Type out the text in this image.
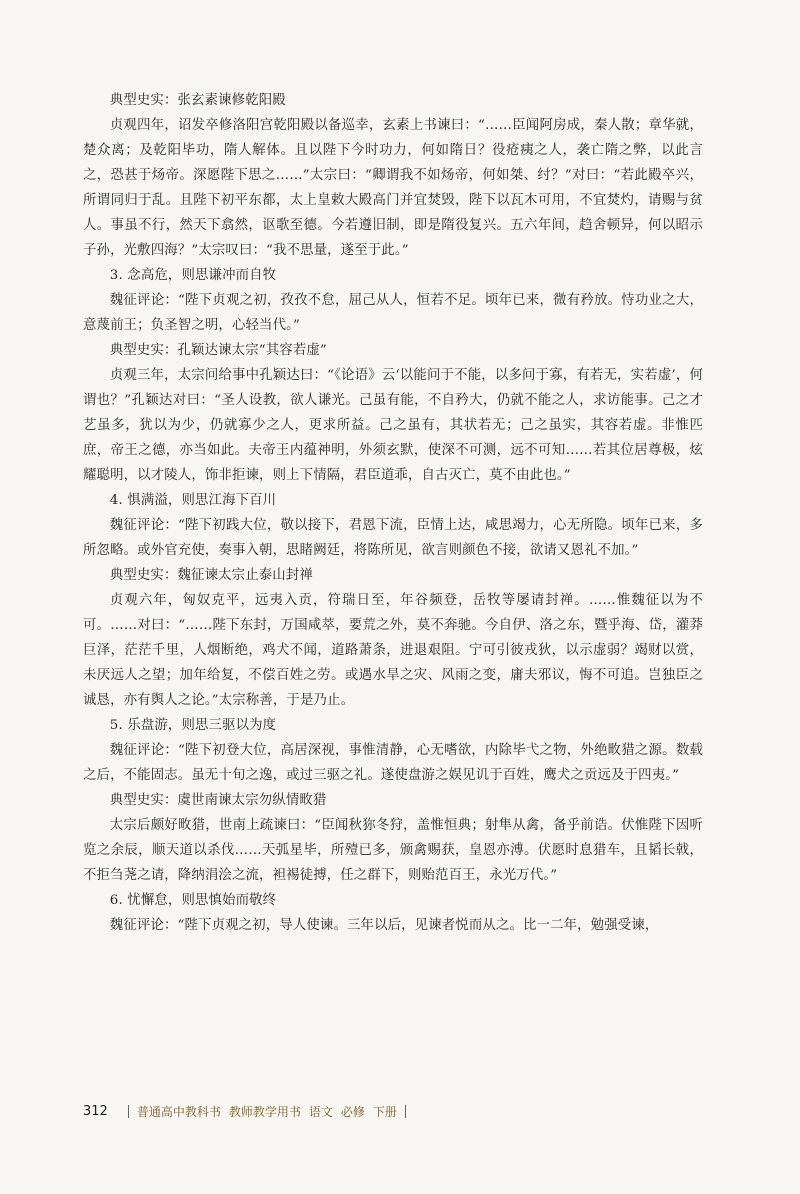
典型史实：张玄素谏修乾阳殿

贞观四年，诏发卒修洛阳宫乾阳殿以备巡幸，玄素上书谏曰：“……臣闻阿房成，秦人散；章华就，楚众离；及乾阳毕功，隋人解体。且以陛下今时功力，何如隋日？役疮痍之人，袭亡隋之弊，以此言之，恐甚于炀帝。深愿陛下思之……”太宗曰：“卿谓我不如炀帝，何如桀、纣？”对曰：“若此殿卒兴，所谓同归于乱。且陛下初平东都，太上皇敕大殿高门并宜焚毁，陛下以瓦木可用，不宜焚灼，请赐与贫人。事虽不行，然天下翕然，讴歌至德。今若遵旧制，即是隋役复兴。五六年间，趋舍顿异，何以昭示子孙，光敷四海？”太宗叹曰：“我不思量，遂至于此。”

3. 念高危，则思谦冲而自牧

魏征评论：“陛下贞观之初，孜孜不怠，屈己从人，恒若不足。顷年已来，微有矜放。恃功业之大，意蔑前王；负圣智之明，心轻当代。”

典型史实：孔颖达谏太宗“其容若虚”

贞观三年，太宗问给事中孔颖达曰：“《论语》云‘以能问于不能，以多问于寡，有若无，实若虚’，何谓也？”孔颖达对曰：“圣人设教，欲人谦光。己虽有能，不自矜大，仍就不能之人，求访能事。己之才艺虽多，犹以为少，仍就寡少之人，更求所益。己之虽有，其状若无；己之虽实，其容若虚。非惟匹庶，帝王之德，亦当如此。夫帝王内蕴神明，外须玄默，使深不可测，远不可知……若其位居尊极，炫耀聪明，以才陵人，饰非拒谏，则上下情隔，君臣道乖，自古灭亡，莫不由此也。”

4. 惧满溢，则思江海下百川

魏征评论：“陛下初践大位，敬以接下，君恩下流，臣情上达，咸思竭力，心无所隐。顷年已来，多所忽略。或外官充使，奏事入朝，思睹阙廷，将陈所见，欲言则颜色不接，欲请又恩礼不加。”

典型史实：魏征谏太宗止泰山封禅

贞观六年，匈奴克平，远夷入贡，符瑞日至，年谷频登，岳牧等屡请封禅。……惟魏征以为不可。……对曰：“……陛下东封，万国咸萃，要荒之外，莫不奔驰。今自伊、洛之东，暨乎海、岱，灌莽巨泽，茫茫千里，人烟断绝，鸡犬不闻，道路萧条，进退艰阻。宁可引彼戎狄，以示虚弱？竭财以赏，未厌远人之望；加年给复，不偿百姓之劳。或遇水旱之灾、风雨之变，庸夫邪议，悔不可追。岂独臣之诚恳，亦有舆人之论。”太宗称善，于是乃止。

5. 乐盘游，则思三驱以为度

魏征评论：“陛下初登大位，高居深视，事惟清静，心无嗜欲，内除毕弋之物，外绝畋猎之源。数载之后，不能固志。虽无十旬之逸，或过三驱之礼。遂使盘游之娱见讥于百姓，鹰犬之贡远及于四夷。”

典型史实：虞世南谏太宗勿纵情畋猎

太宗后颇好畋猎，世南上疏谏曰：“臣闻秋狝冬狩，盖惟恒典；射隼从禽，备乎前诰。伏惟陛下因听览之余辰，顺天道以杀伐……天弧星毕，所殪已多，颁禽赐获，皇恩亦溥。伏愿时息猎车，且韬长戟，不拒刍荛之请，降纳涓浍之流，袒裼徒搏，任之群下，则贻范百王，永光万代。”

6. 忧懈怠，则思慎始而敬终

魏征评论：“陛下贞观之初，导人使谏。三年以后，见谏者悦而从之。比一二年，勉强受谏，

312 普通高中教科书 教师教学用书 语文 必修 下册
